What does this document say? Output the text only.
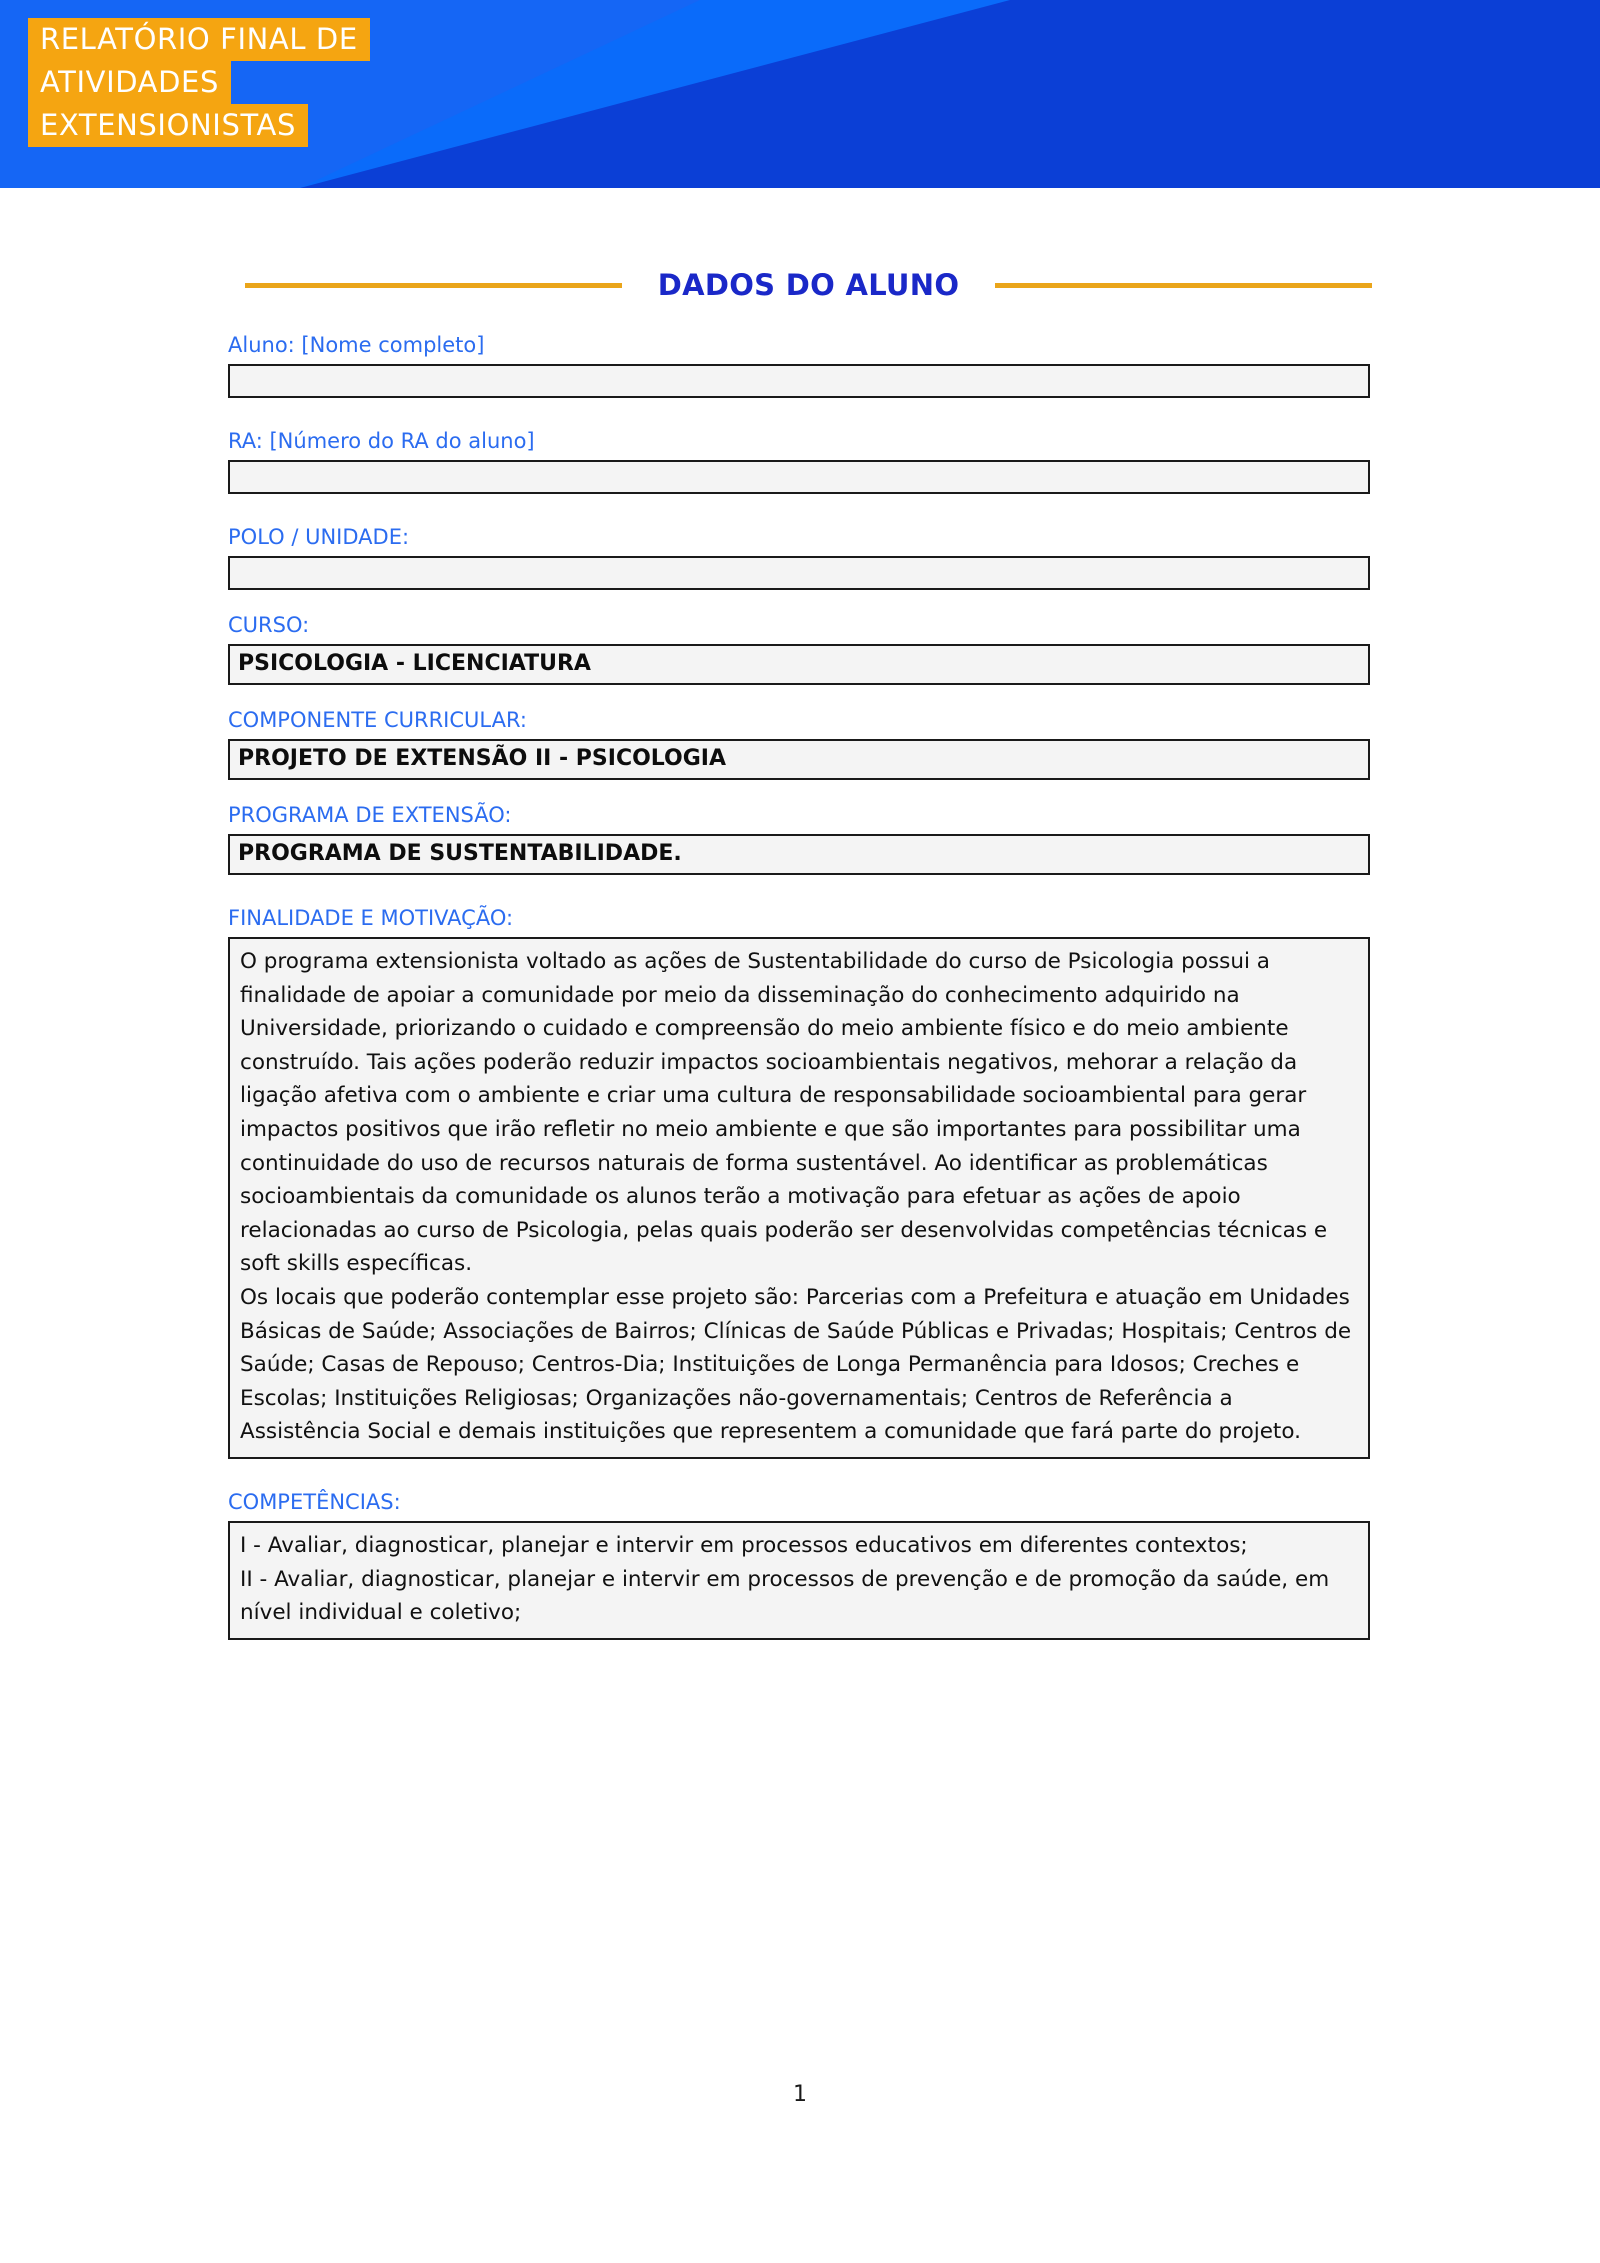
RELATÓRIO FINAL DE
ATIVIDADES
EXTENSIONISTAS
DADOS DO ALUNO
Aluno: [Nome completo]
RA: [Número do RA do aluno]
POLO / UNIDADE:
CURSO:
PSICOLOGIA - LICENCIATURA
COMPONENTE CURRICULAR:
PROJETO DE EXTENSÃO II - PSICOLOGIA
PROGRAMA DE EXTENSÃO:
PROGRAMA DE SUSTENTABILIDADE.
FINALIDADE E MOTIVAÇÃO:

O programa extensionista voltado as ações de Sustentabilidade do curso de Psicologia possui a finalidade de apoiar a comunidade por meio da disseminação do conhecimento adquirido na Universidade, priorizando o cuidado e compreensão do meio ambiente físico e do meio ambiente construído. Tais ações poderão reduzir impactos socioambientais negativos, mehorar a relação da ligação afetiva com o ambiente e criar uma cultura de responsabilidade socioambiental para gerar impactos positivos que irão refletir no meio ambiente e que são importantes para possibilitar uma continuidade do uso de recursos naturais de forma sustentável. Ao identificar as problemáticas socioambientais da comunidade os alunos terão a motivação para efetuar as ações de apoio relacionadas ao curso de Psicologia, pelas quais poderão ser desenvolvidas competências técnicas e soft skills específicas.

Os locais que poderão contemplar esse projeto são: Parcerias com a Prefeitura e atuação em Unidades Básicas de Saúde; Associações de Bairros; Clínicas de Saúde Públicas e Privadas; Hospitais; Centros de Saúde; Casas de Repouso; Centros-Dia; Instituições de Longa Permanência para Idosos; Creches e Escolas; Instituições Religiosas; Organizações não-governamentais; Centros de Referência a Assistência Social e demais instituições que representem a comunidade que fará parte do projeto.

COMPETÊNCIAS:

I - Avaliar, diagnosticar, planejar e intervir em processos educativos em diferentes contextos;

II - Avaliar, diagnosticar, planejar e intervir em processos de prevenção e de promoção da saúde, em nível individual e coletivo;

1
